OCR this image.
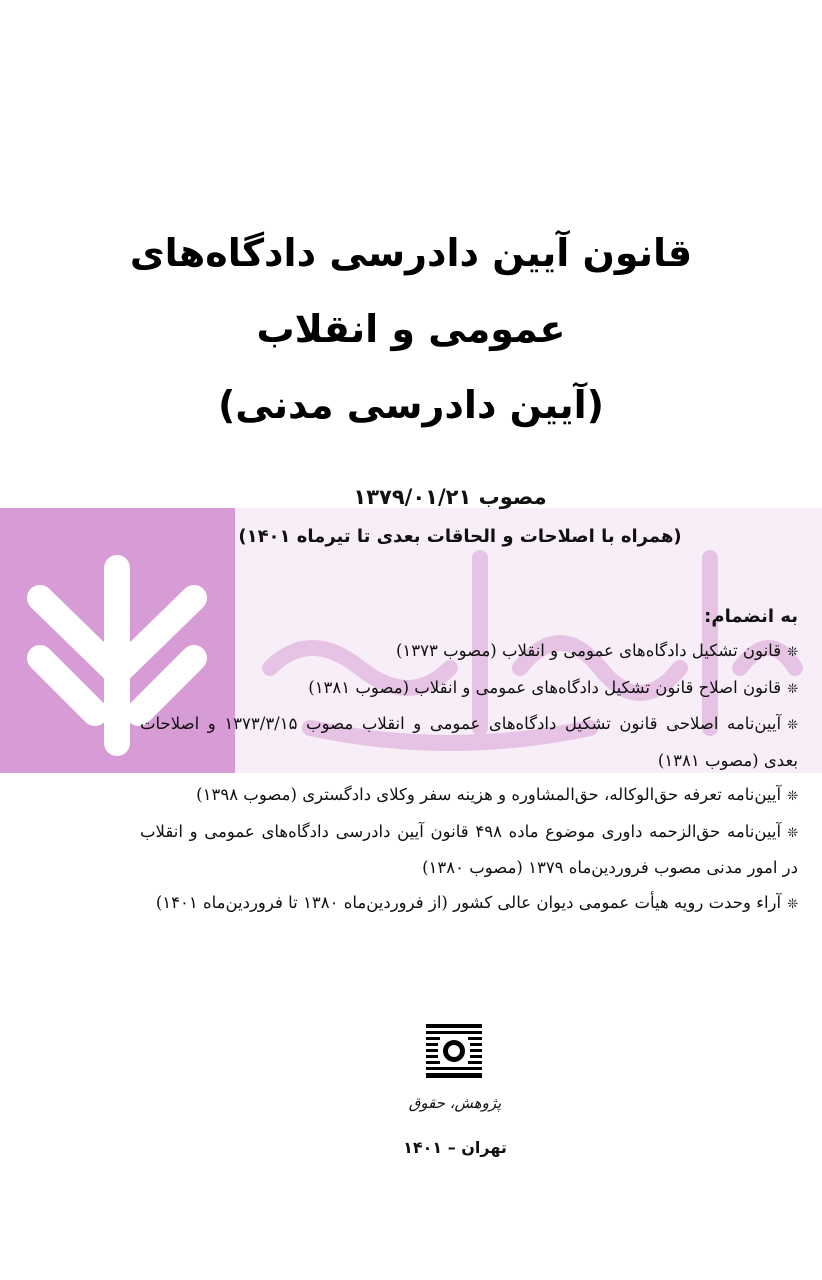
قانون آیین دادرسی دادگاه‌های
عمومی و انقلاب
(آیین دادرسی مدنی)
مصوب ۱۳۷۹/۰۱/۲۱
(همراه با اصلاحات و الحاقات بعدی تا تیرماه ۱۴۰۱)
به انضمام:
❊قانون تشکیل دادگاه‌های عمومی و انقلاب (مصوب ۱۳۷۳)
❊قانون اصلاح قانون تشکیل دادگاه‌های عمومی و انقلاب (مصوب ۱۳۸۱)
❊آیین‌نامه اصلاحی قانون تشکیل دادگاه‌های عمومی و انقلاب مصوب ۱۳۷۳/۳/۱۵ و اصلاحات بعدی (مصوب ۱۳۸۱)
❊آیین‌نامه تعرفه حق‌الوکاله، حق‌المشاوره و هزینه سفر وکلای دادگستری (مصوب ۱۳۹۸)
❊آیین‌نامه حق‌الزحمه داوری موضوع ماده ۴۹۸ قانون آیین دادرسی دادگاه‌های عمومی و انقلاب در امور مدنی مصوب فروردین‌ماه ۱۳۷۹ (مصوب ۱۳۸۰)
❊آراء وحدت رویه هیأت عمومی دیوان عالی کشور (از فروردین‌ماه ۱۳۸۰ تا فروردین‌ماه ۱۴۰۱)
پژوهش، حقوق
تهران – ۱۴۰۱
